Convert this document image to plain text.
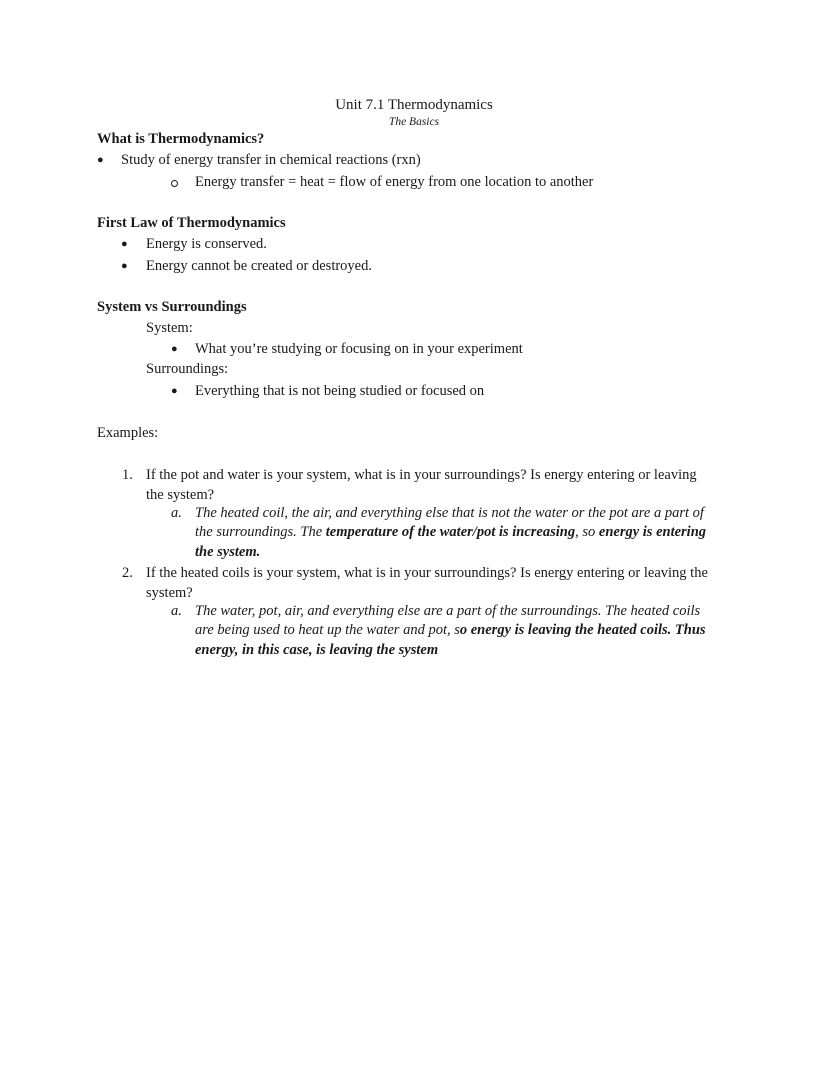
Unit 7.1 Thermodynamics
The Basics
What is Thermodynamics?
● Study of energy transfer in chemical reactions (rxn)
Energy transfer = heat = flow of energy from one location to another
First Law of Thermodynamics
● Energy is conserved.
● Energy cannot be created or destroyed.
System vs Surroundings
System:
● What you’re studying or focusing on in your experiment
Surroundings:
● Everything that is not being studied or focused on
Examples:
1. If the pot and water is your system, what is in your surroundings? Is energy entering or leaving
the system?
a. The heated coil, the air, and everything else that is not the water or the pot are a part of
the surroundings. The temperature of the water/pot is increasing, so energy is entering
the system.
2. If the heated coils is your system, what is in your surroundings? Is energy entering or leaving the
system?
a. The water, pot, air, and everything else are a part of the surroundings. The heated coils
are being used to heat up the water and pot, so energy is leaving the heated coils. Thus
energy, in this case, is leaving the system
